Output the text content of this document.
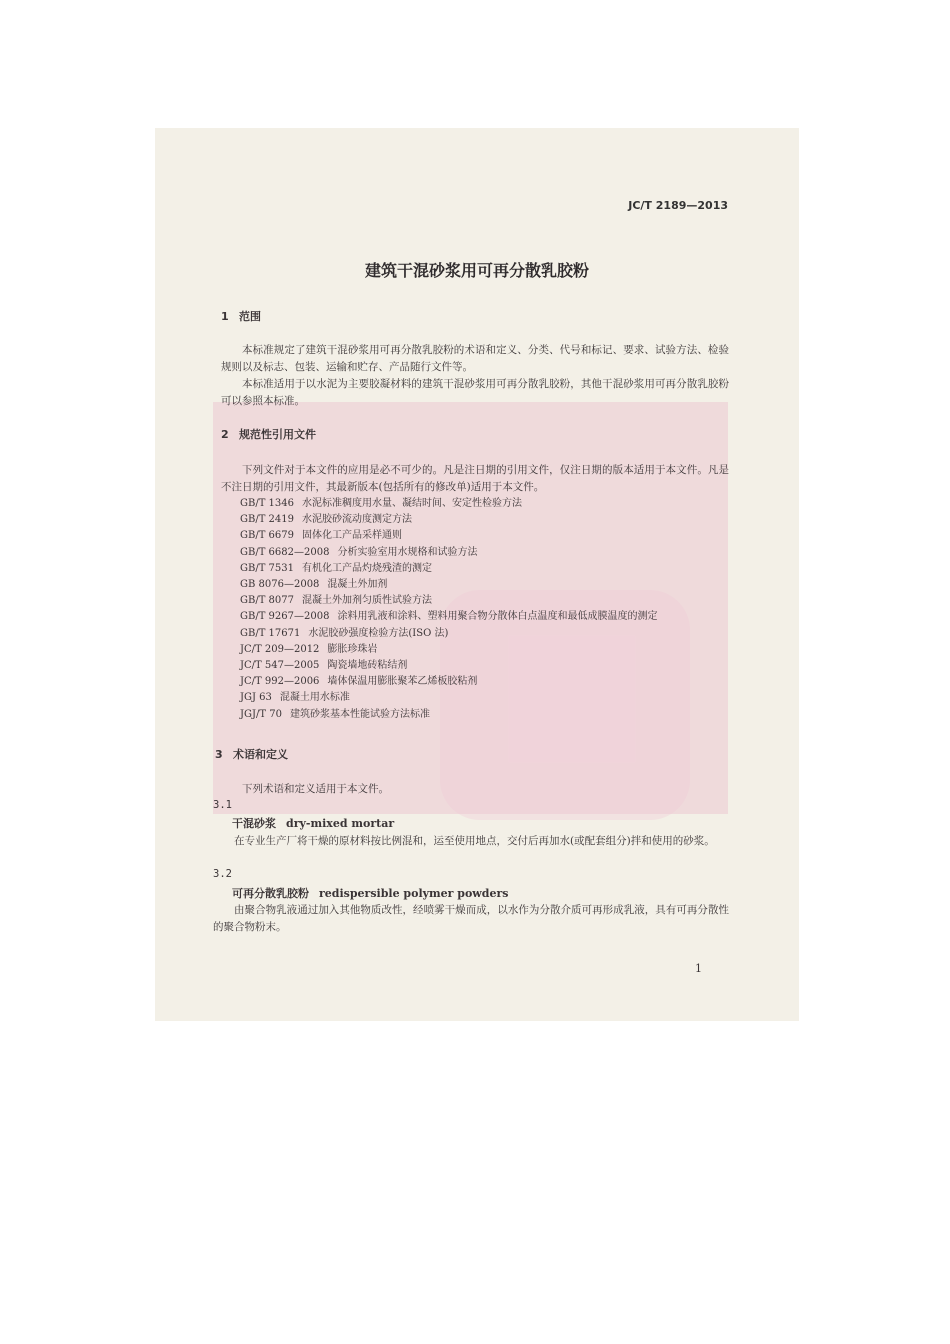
JC/T 2189—2013
建筑干混砂浆用可再分散乳胶粉
1 范围
本标准规定了建筑干混砂浆用可再分散乳胶粉的术语和定义、分类、代号和标记、要求、试验方法、检验规则以及标志、包装、运输和贮存、产品随行文件等。
本标准适用于以水泥为主要胶凝材料的建筑干混砂浆用可再分散乳胶粉，其他干混砂浆用可再分散乳胶粉可以参照本标准。
2 规范性引用文件
下列文件对于本文件的应用是必不可少的。凡是注日期的引用文件，仅注日期的版本适用于本文件。凡是不注日期的引用文件，其最新版本(包括所有的修改单)适用于本文件。
GB/T 1346 水泥标准稠度用水量、凝结时间、安定性检验方法
GB/T 2419 水泥胶砂流动度测定方法
GB/T 6679 固体化工产品采样通则
GB/T 6682—2008 分析实验室用水规格和试验方法
GB/T 7531 有机化工产品灼烧残渣的测定
GB 8076—2008 混凝土外加剂
GB/T 8077 混凝土外加剂匀质性试验方法
GB/T 9267—2008 涂料用乳液和涂料、塑料用聚合物分散体白点温度和最低成膜温度的测定
GB/T 17671 水泥胶砂强度检验方法(ISO 法)
JC/T 209—2012 膨胀珍珠岩
JC/T 547—2005 陶瓷墙地砖粘结剂
JC/T 992—2006 墙体保温用膨胀聚苯乙烯板胶粘剂
JGJ 63 混凝土用水标准
JGJ/T 70 建筑砂浆基本性能试验方法标准
3 术语和定义
下列术语和定义适用于本文件。
3.1
干混砂浆 dry-mixed mortar
在专业生产厂将干燥的原材料按比例混和，运至使用地点，交付后再加水(或配套组分)拌和使用的砂浆。
3.2
可再分散乳胶粉 redispersible polymer powders
由聚合物乳液通过加入其他物质改性，经喷雾干燥而成，以水作为分散介质可再形成乳液，具有可再分散性的聚合物粉末。
1
